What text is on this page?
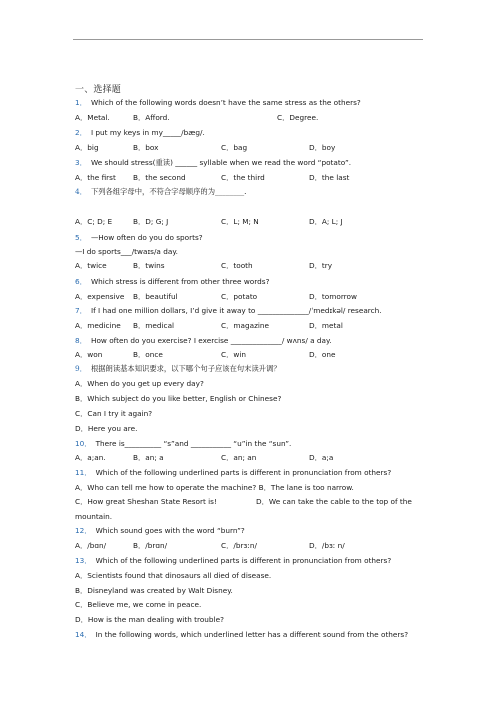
一、选择题
1． Which of the following words doesn’t have the same stress as the others?
A．Metal.	B．Afford.	C．Degree.
2． I put my keys in my_____/bæɡ/.
A．big	B．box	C．bag	D．boy
3． We should stress(重读) ______ syllable when we read the word “potato”.
A．the first B．the second	C．the third	D．the last
4． 下列各组字母中，不符合字母顺序的为________.
A．C; D; E	B．D; G; J	C．L; M; N	D．A; L; J
5． —How often do you do sports?
—I do sports___/twaɪs/a day.
A．twice	B．twins	C．tooth	D．try
6． Which stress is different from other three words?
A．expensive B．beautiful	C．potato	D．tomorrow
7． If I had one million dollars, I’d give it away to ______________/ˈmedɪkəl/ research.
A．medicine B．medical	C．magazine	D．metal
8． How often do you exercise? I exercise ______________/ wʌns/ a day.
A．won	B．once	C．win	D．one
9． 根据朗读基本知识要求，以下哪个句子应该在句末读升调？
A．When do you get up every day?
B．Which subject do you like better, English or Chinese?
C．Can I try it again?
D．Here you are.
10． There is__________ “s”and ___________ “u”in the “sun”.
A．a;an.	B．an; a	C．an; an	D．a;a
11． Which of the following underlined parts is different in pronunciation from others?
A．Who can tell me how to operate the machine? B．The lane is too narrow.
C．How great Sheshan State Resort is!	D．We can take the cable to the top of the
mountain.
12． Which sound goes with the word “burn”?
A．/bɑn/	B．/brɑn/	C．/brɜːn/	D．/bɜː n/
13． Which of the following underlined parts is different in pronunciation from others?
A．Scientists found that dinosaurs all died of disease.
B．Disneyland was created by Walt Disney.
C．Believe me, we come in peace.
D．How is the man dealing with trouble?
14． In the following words, which underlined letter has a different sound from the others?
